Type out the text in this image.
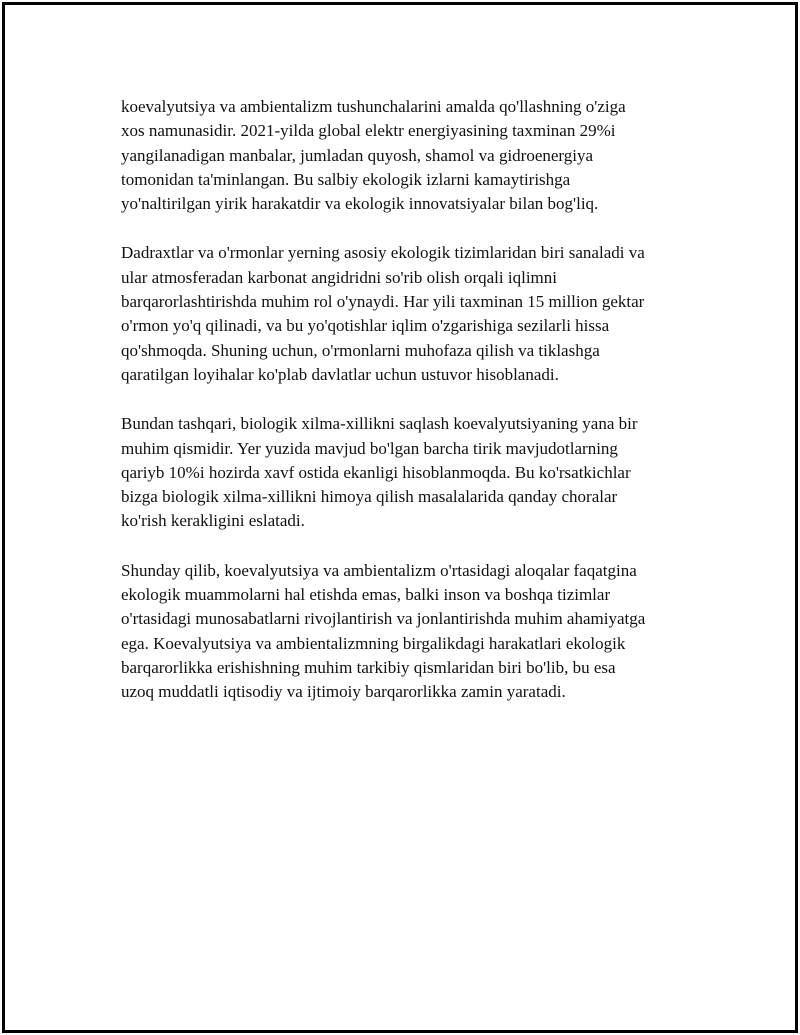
koevalyutsiya va ambientalizm tushunchalarini amalda qo'llashning o'ziga
xos namunasidir. 2021-yilda global elektr energiyasining taxminan 29%i
yangilanadigan manbalar, jumladan quyosh, shamol va gidroenergiya
tomonidan ta'minlangan. Bu salbiy ekologik izlarni kamaytirishga
yo'naltirilgan yirik harakatdir va ekologik innovatsiyalar bilan bog'liq.

Dadraxtlar va o'rmonlar yerning asosiy ekologik tizimlaridan biri sanaladi va
ular atmosferadan karbonat angidridni so'rib olish orqali iqlimni
barqarorlashtirishda muhim rol o'ynaydi. Har yili taxminan 15 million gektar
o'rmon yo'q qilinadi, va bu yo'qotishlar iqlim o'zgarishiga sezilarli hissa
qo'shmoqda. Shuning uchun, o'rmonlarni muhofaza qilish va tiklashga
qaratilgan loyihalar ko'plab davlatlar uchun ustuvor hisoblanadi.

Bundan tashqari, biologik xilma-xillikni saqlash koevalyutsiyaning yana bir
muhim qismidir. Yer yuzida mavjud bo'lgan barcha tirik mavjudotlarning
qariyb 10%i hozirda xavf ostida ekanligi hisoblanmoqda. Bu ko'rsatkichlar
bizga biologik xilma-xillikni himoya qilish masalalarida qanday choralar
ko'rish kerakligini eslatadi.

Shunday qilib, koevalyutsiya va ambientalizm o'rtasidagi aloqalar faqatgina
ekologik muammolarni hal etishda emas, balki inson va boshqa tizimlar
o'rtasidagi munosabatlarni rivojlantirish va jonlantirishda muhim ahamiyatga
ega. Koevalyutsiya va ambientalizmning birgalikdagi harakatlari ekologik
barqarorlikka erishishning muhim tarkibiy qismlaridan biri bo'lib, bu esa
uzoq muddatli iqtisodiy va ijtimoiy barqarorlikka zamin yaratadi.
